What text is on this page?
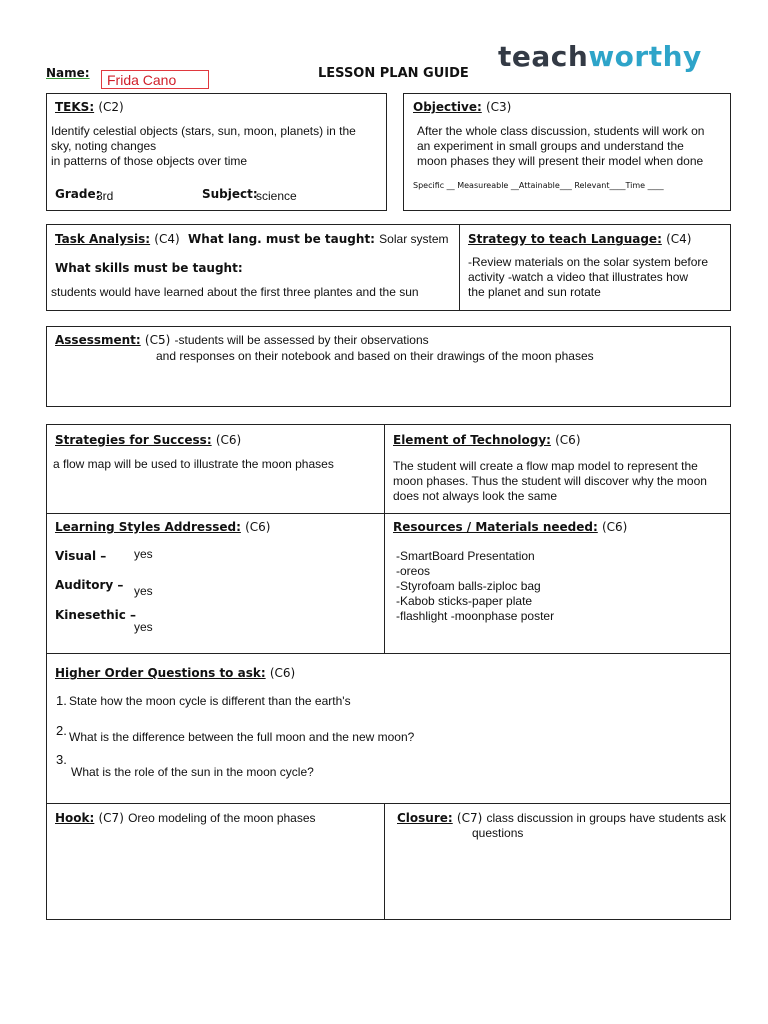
Name: Frida Cano	LESSON PLAN GUIDE
teachworthy
TEKS: (C2)
Identify celestial objects (stars, sun, moon, planets) in the
sky, noting changes
in patterns of those objects over time
Grade:
3rd	Subject:
science
Objective: (C3)
After the whole class discussion, students will work on
an experiment in small groups and understand the
moon phases they will present their model when done
Specific __ Measureable __Attainable___ Relevant____Time ____
Task Analysis: (C4) What lang. must be taught: Solar system
What skills must be taught:
students would have learned about the first three plantes and the sun
Strategy to teach Language: (C4)
-Review materials on the solar system before
activity -watch a video that illustrates how
the planet and sun rotate
Assessment: (C5) -students will be assessed by their observations
and responses on their notebook and based on their drawings of the moon phases
Strategies for Success: (C6)
a flow map will be used to illustrate the moon phases
Element of Technology: (C6)
The student will create a flow map model to represent the
moon phases. Thus the student will discover why the moon
does not always look the same
Learning Styles Addressed: (C6)
Visual – yes
Auditory – yes
Kinesethic –
yes
Resources / Materials needed: (C6)
-SmartBoard Presentation
-oreos
-Styrofoam balls-ziploc bag
-Kabob sticks-paper plate
-flashlight -moonphase poster
Higher Order Questions to ask: (C6)
1. State how the moon cycle is different than the earth's
2. What is the difference between the full moon and the new moon?
3.
What is the role of the sun in the moon cycle?
Hook: (C7) Oreo modeling of the moon phases	Closure: (C7) class discussion in groups have students ask
questions
